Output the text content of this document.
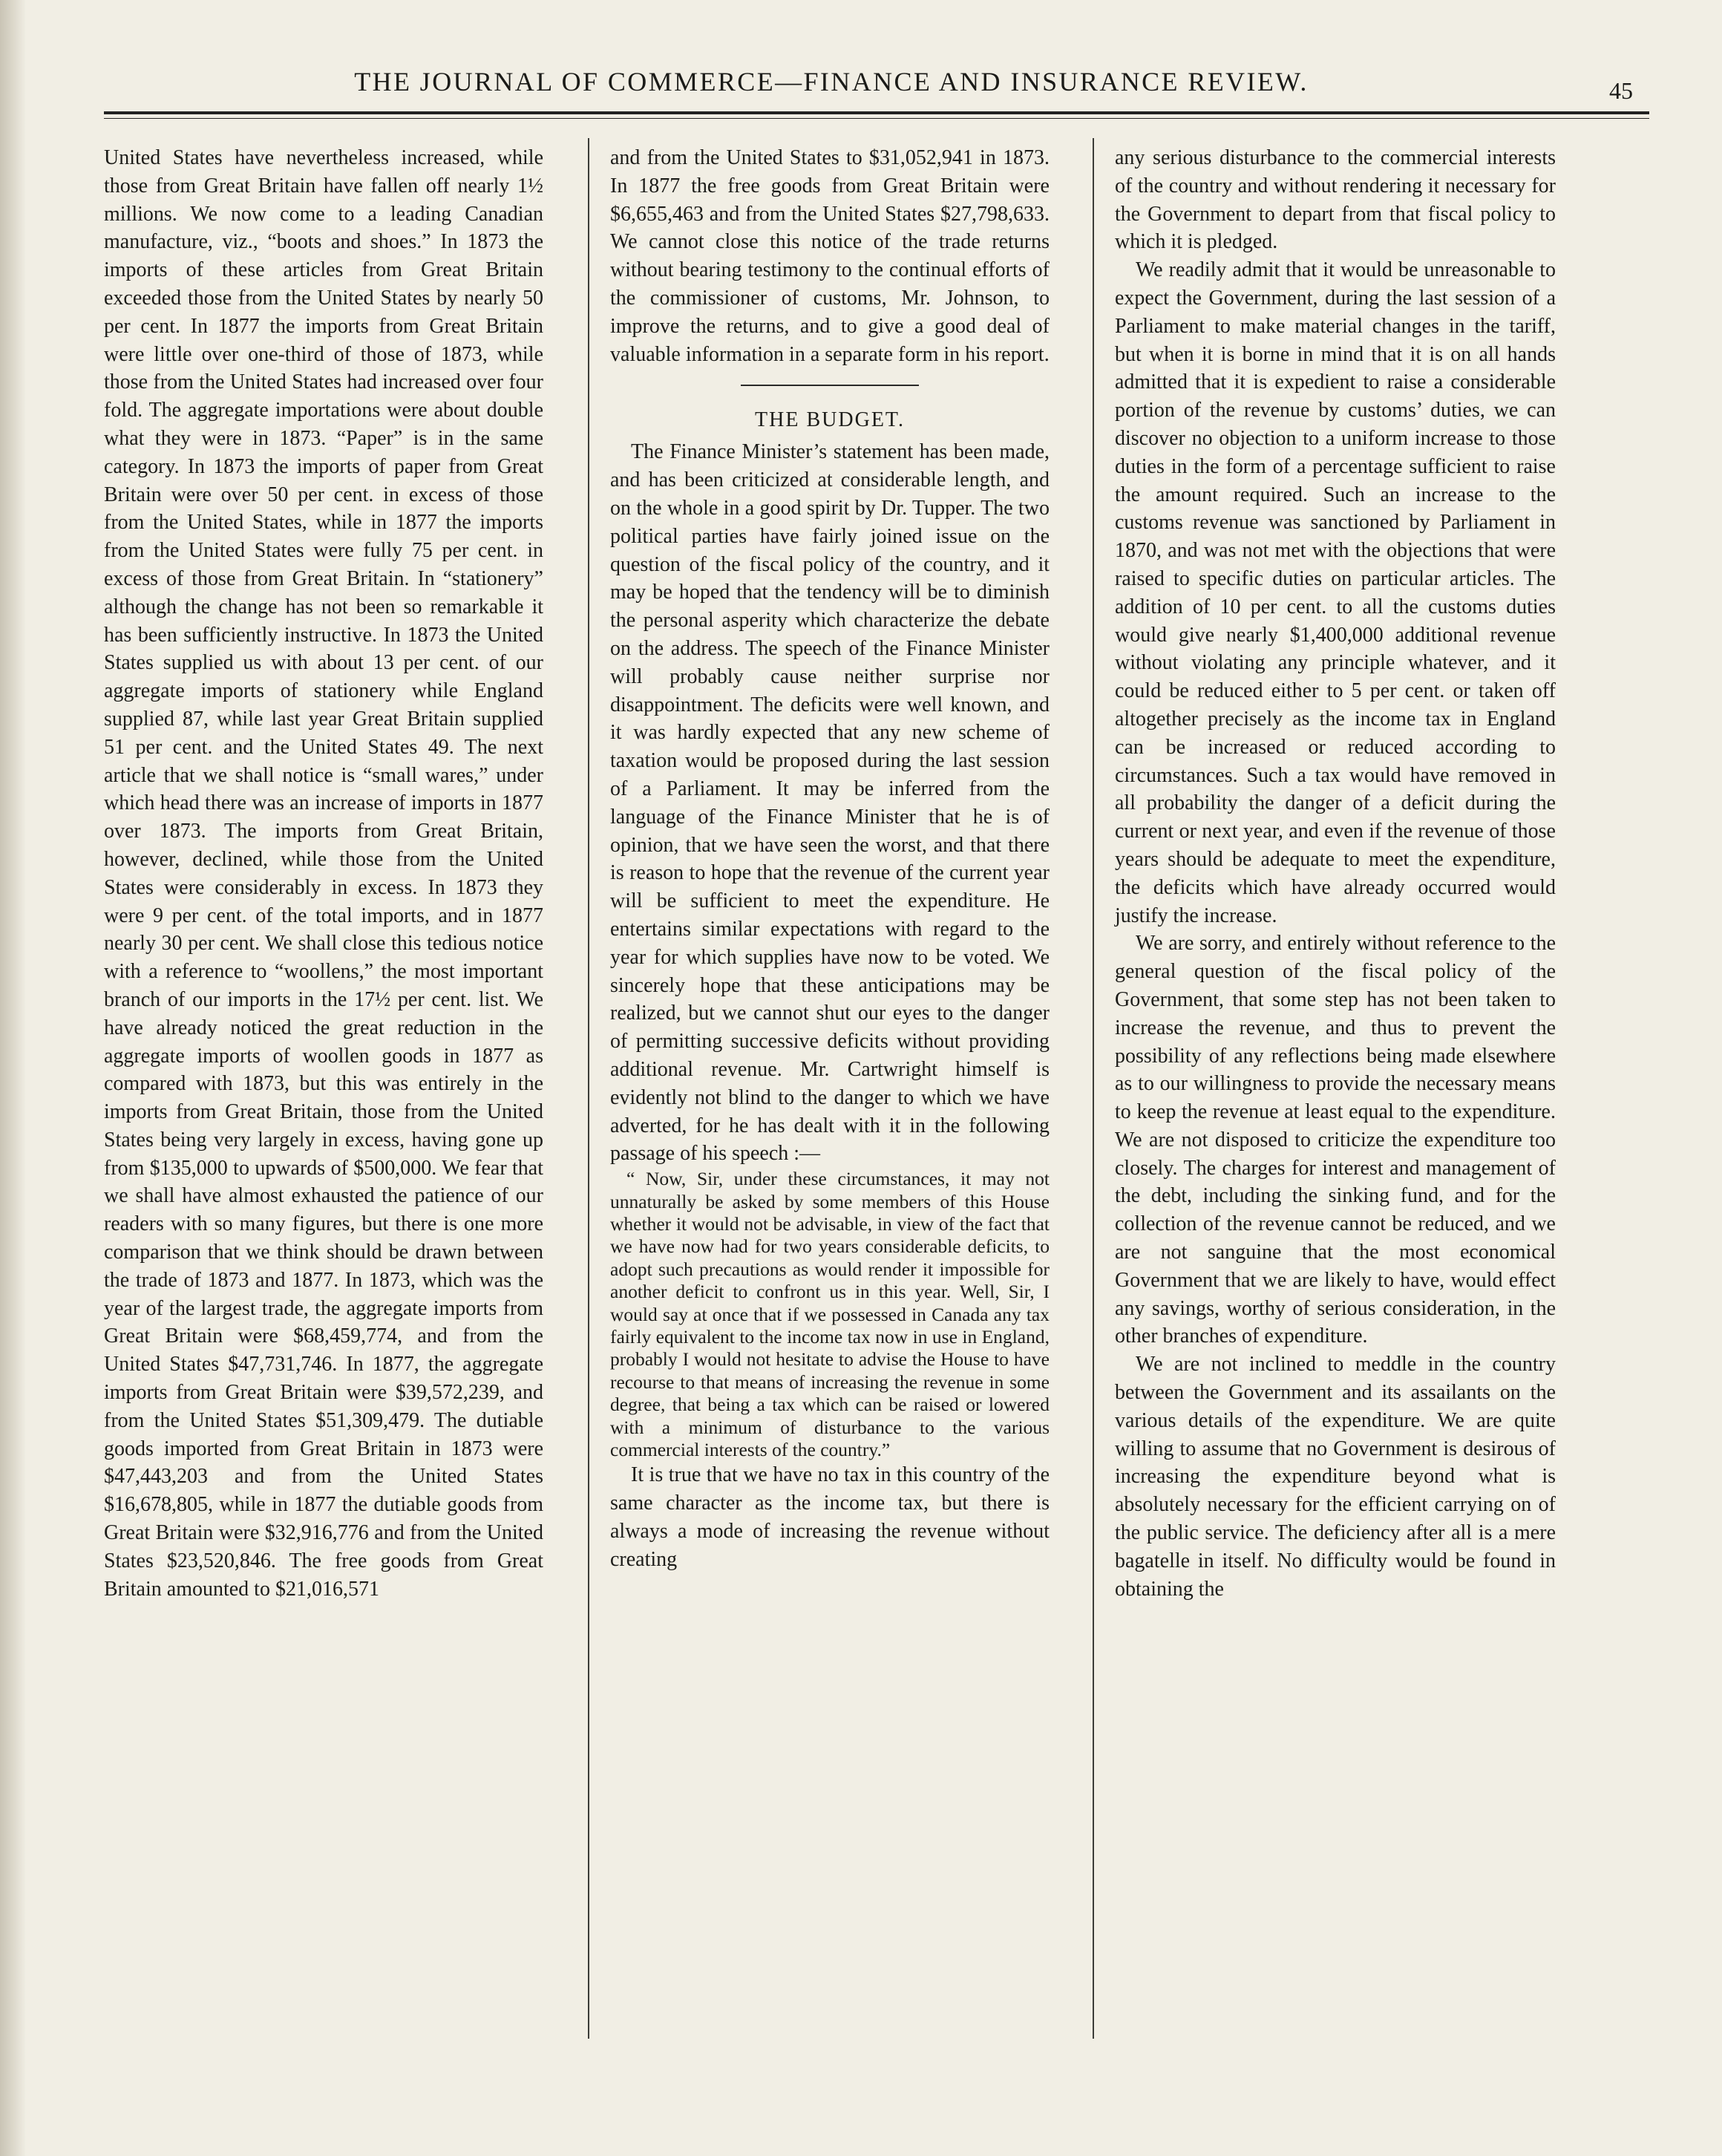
THE JOURNAL OF COMMERCE—FINANCE AND INSURANCE REVIEW.	45

United States have nevertheless increased, while those from Great Britain have fallen off nearly 1½ millions. We now come to a leading Canadian manufacture, viz., “boots and shoes.” In 1873 the imports of these articles from Great Britain exceeded those from the United States by nearly 50 per cent. In 1877 the imports from Great Britain were little over one-third of those of 1873, while those from the United States had increased over four fold. The aggregate importations were about double what they were in 1873. “Paper” is in the same category. In 1873 the imports of paper from Great Britain were over 50 per cent. in excess of those from the United States, while in 1877 the imports from the United States were fully 75 per cent. in excess of those from Great Britain. In “stationery” although the change has not been so remarkable it has been sufficiently instructive. In 1873 the United States supplied us with about 13 per cent. of our aggregate imports of stationery while England supplied 87, while last year Great Britain supplied 51 per cent. and the United States 49. The next article that we shall notice is “small wares,” under which head there was an increase of imports in 1877 over 1873. The imports from Great Britain, however, declined, while those from the United States were considerably in excess. In 1873 they were 9 per cent. of the total imports, and in 1877 nearly 30 per cent. We shall close this tedious notice with a reference to “woollens,” the most important branch of our imports in the 17½ per cent. list. We have already noticed the great reduction in the aggregate imports of woollen goods in 1877 as compared with 1873, but this was entirely in the imports from Great Britain, those from the United States being very largely in excess, having gone up from $135,000 to upwards of $500,000. We fear that we shall have almost exhausted the patience of our readers with so many figures, but there is one more comparison that we think should be drawn between the trade of 1873 and 1877. In 1873, which was the year of the largest trade, the aggregate imports from Great Britain were $68,459,774, and from the United States $47,731,746. In 1877, the aggregate imports from Great Britain were $39,572,239, and from the United States $51,309,479. The dutiable goods imported from Great Britain in 1873 were $47,443,203 and from the United States $16,678,805, while in 1877 the dutiable goods from Great Britain were $32,916,776 and from the United States $23,520,846. The free goods from Great Britain amounted to $21,016,571

and from the United States to $31,052,941 in 1873. In 1877 the free goods from Great Britain were $6,655,463 and from the United States $27,798,633. We cannot close this notice of the trade returns without bearing testimony to the continual efforts of the commissioner of customs, Mr. Johnson, to improve the returns, and to give a good deal of valuable information in a separate form in his report.

THE BUDGET.

The Finance Minister’s statement has been made, and has been criticized at considerable length, and on the whole in a good spirit by Dr. Tupper. The two political parties have fairly joined issue on the question of the fiscal policy of the country, and it may be hoped that the tendency will be to diminish the personal asperity which characterize the debate on the address. The speech of the Finance Minister will probably cause neither surprise nor disappointment. The deficits were well known, and it was hardly expected that any new scheme of taxation would be proposed during the last session of a Parliament. It may be inferred from the language of the Finance Minister that he is of opinion, that we have seen the worst, and that there is reason to hope that the revenue of the current year will be sufficient to meet the expenditure. He entertains similar expectations with regard to the year for which supplies have now to be voted. We sincerely hope that these anticipations may be realized, but we cannot shut our eyes to the danger of permitting successive deficits without providing additional revenue. Mr. Cartwright himself is evidently not blind to the danger to which we have adverted, for he has dealt with it in the following passage of his speech :—

“ Now, Sir, under these circumstances, it may not unnaturally be asked by some members of this House whether it would not be advisable, in view of the fact that we have now had for two years considerable deficits, to adopt such precautions as would render it impossible for another deficit to confront us in this year. Well, Sir, I would say at once that if we possessed in Canada any tax fairly equivalent to the income tax now in use in England, probably I would not hesitate to advise the House to have recourse to that means of increasing the revenue in some degree, that being a tax which can be raised or lowered with a minimum of disturbance to the various commercial interests of the country.”

It is true that we have no tax in this country of the same character as the income tax, but there is always a mode of increasing the revenue without creating

any serious disturbance to the commercial interests of the country and without rendering it necessary for the Government to depart from that fiscal policy to which it is pledged.

We readily admit that it would be unreasonable to expect the Government, during the last session of a Parliament to make material changes in the tariff, but when it is borne in mind that it is on all hands admitted that it is expedient to raise a considerable portion of the revenue by customs’ duties, we can discover no objection to a uniform increase to those duties in the form of a percentage sufficient to raise the amount required. Such an increase to the customs revenue was sanctioned by Parliament in 1870, and was not met with the objections that were raised to specific duties on particular articles. The addition of 10 per cent. to all the customs duties would give nearly $1,400,000 additional revenue without violating any principle whatever, and it could be reduced either to 5 per cent. or taken off altogether precisely as the income tax in England can be increased or reduced according to circumstances. Such a tax would have removed in all probability the danger of a deficit during the current or next year, and even if the revenue of those years should be adequate to meet the expenditure, the deficits which have already occurred would justify the increase.

We are sorry, and entirely without reference to the general question of the fiscal policy of the Government, that some step has not been taken to increase the revenue, and thus to prevent the possibility of any reflections being made elsewhere as to our willingness to provide the necessary means to keep the revenue at least equal to the expenditure. We are not disposed to criticize the expenditure too closely. The charges for interest and management of the debt, including the sinking fund, and for the collection of the revenue cannot be reduced, and we are not sanguine that the most economical Government that we are likely to have, would effect any savings, worthy of serious consideration, in the other branches of expenditure.

We are not inclined to meddle in the country between the Government and its assailants on the various details of the expenditure. We are quite willing to assume that no Government is desirous of increasing the expenditure beyond what is absolutely necessary for the efficient carrying on of the public service. The deficiency after all is a mere bagatelle in itself. No difficulty would be found in obtaining the
